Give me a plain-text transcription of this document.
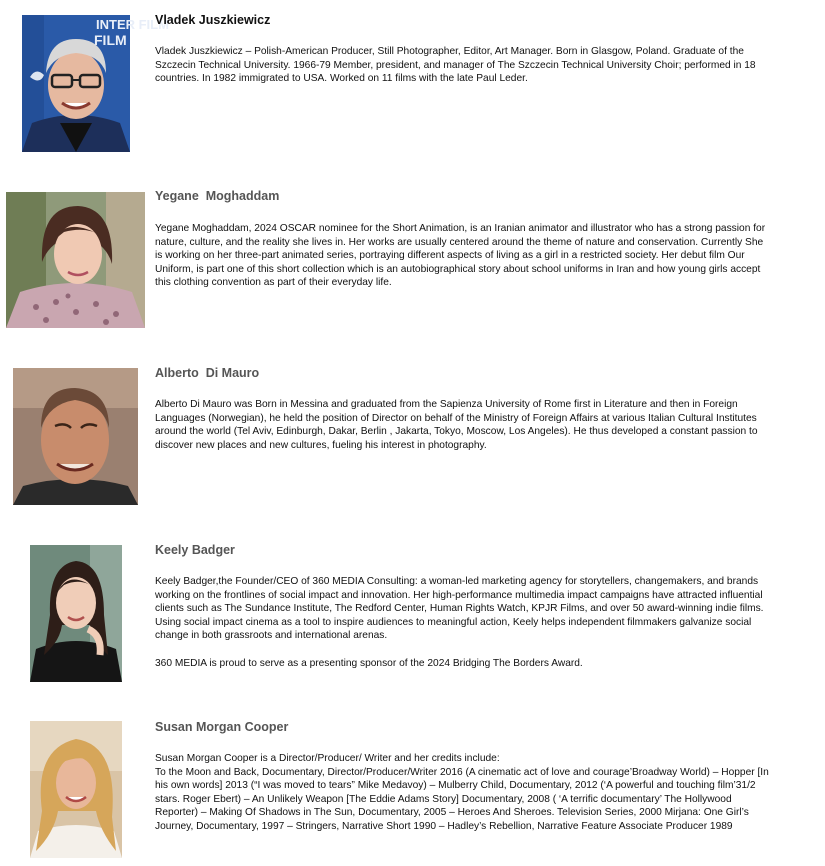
INTER FILM
FILM
Vladek Juszkiewicz

Vladek Juszkiewicz – Polish-American Producer, Still Photographer, Editor, Art Manager. Born in Glasgow, Poland. Graduate of the Szczecin Technical University. 1966-79 Member, president, and manager of The Szczecin Technical University Choir; performed in 18 countries. In 1982 immigrated to USA. Worked on 11 films with the late Paul Leder.

Yegane  Moghaddam

Yegane Moghaddam, 2024 OSCAR nominee for the Short Animation, is an Iranian animator and illustrator who has a strong passion for nature, culture, and the reality she lives in. Her works are usually centered around the theme of nature and conservation. Currently She is working on her three-part animated series, portraying different aspects of living as a girl in a restricted society. Her debut film Our Uniform, is part one of this short collection which is an autobiographical story about school uniforms in Iran and how young girls accept this clothing convention as part of their everyday life.

Alberto  Di Mauro

Alberto Di Mauro was Born in Messina and graduated from the Sapienza University of Rome first in Literature and then in Foreign Languages (Norwegian), he held the position of Director on behalf of the Ministry of Foreign Affairs at various Italian Cultural Institutes around the world (Tel Aviv, Edinburgh, Dakar, Berlin , Jakarta, Tokyo, Moscow, Los Angeles). He thus developed a constant passion to discover new places and new cultures, fueling his interest in photography.

Keely Badger

Keely Badger,the Founder/CEO of 360 MEDIA Consulting: a woman-led marketing agency for storytellers, changemakers, and brands working on the frontlines of social impact and innovation. Her high-performance multimedia impact campaigns have attracted influential clients such as The Sundance Institute, The Redford Center, Human Rights Watch, KPJR Films, and over 50 award-winning indie films. Using social impact cinema as a tool to inspire audiences to meaningful action, Keely helps independent filmmakers galvanize social change in both grassroots and international arenas.

360 MEDIA is proud to serve as a presenting sponsor of the 2024 Bridging The Borders Award.

Susan Morgan Cooper

Susan Morgan Cooper is a Director/Producer/ Writer and her credits include:
To the Moon and Back, Documentary, Director/Producer/Writer 2016 (A cinematic act of love and courage’Broadway World) – Hopper [In his own words] 2013 (“I was moved to tears” Mike Medavoy) – Mulberry Child, Documentary, 2012 (‘A powerful and touching film’31/2 stars. Roger Ebert) – An Unlikely Weapon [The Eddie Adams Story] Documentary, 2008 ( ‘A terrific documentary’ The Hollywood Reporter) – Making Of Shadows in The Sun, Documentary, 2005 – Heroes And Sheroes. Television Series, 2000 Mirjana: One Girl’s Journey, Documentary, 1997 – Stringers, Narrative Short 1990 – Hadley’s Rebellion, Narrative Feature Associate Producer 1989
